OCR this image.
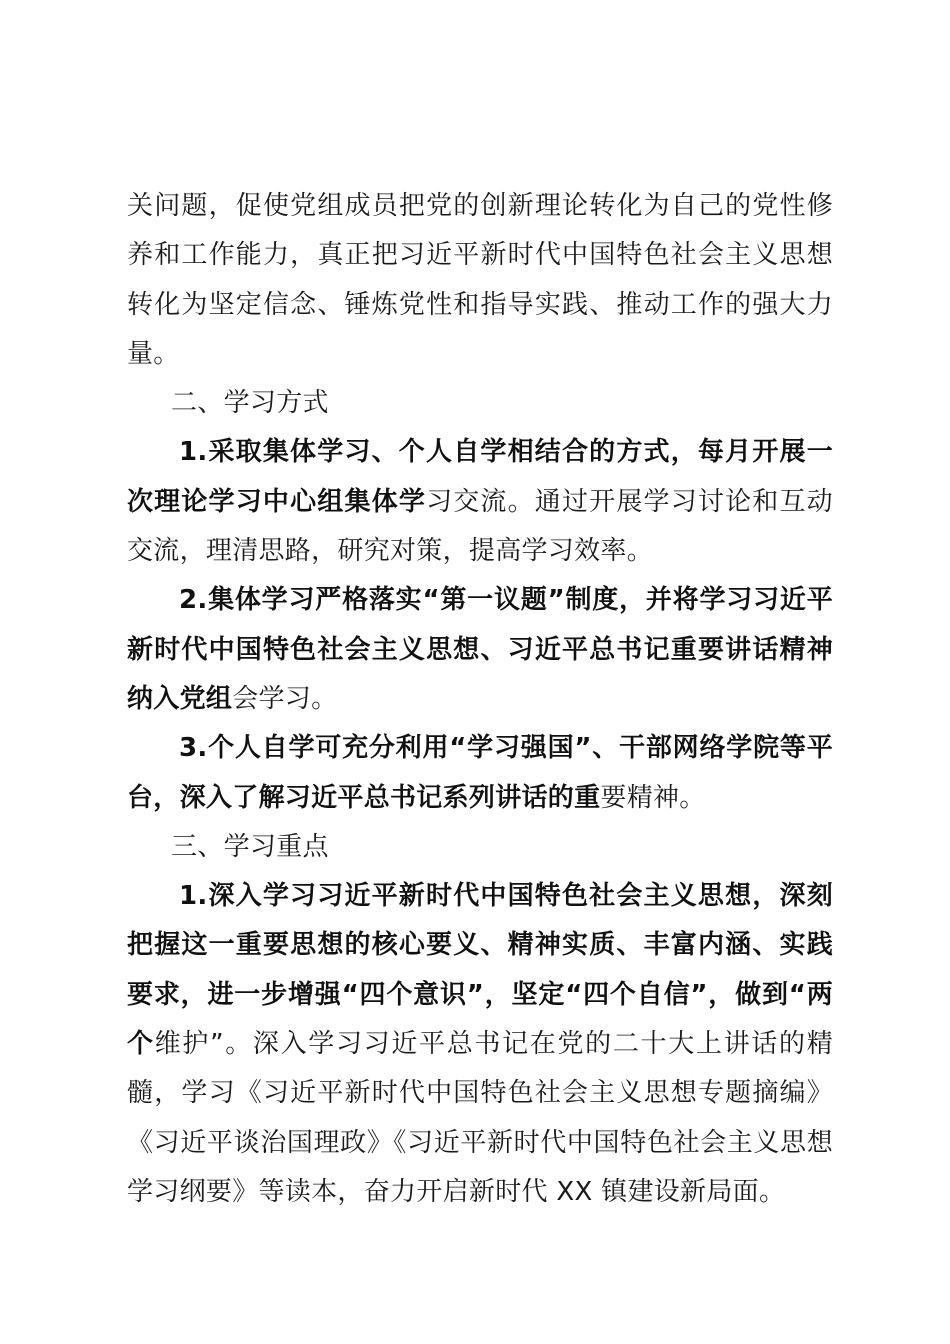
关问题，促使党组成员把党的创新理论转化为自己的党性修养和工作能力，真正把习近平新时代中国特色社会主义思想转化为坚定信念、锤炼党性和指导实践、推动工作的强大力量。

二、学习方式

1.采取集体学习、个人自学相结合的方式，每月开展一次理论学习中心组集体学习交流。通过开展学习讨论和互动交流，理清思路，研究对策，提高学习效率。

2.集体学习严格落实“第一议题”制度，并将学习习近平新时代中国特色社会主义思想、习近平总书记重要讲话精神纳入党组会学习。

3.个人自学可充分利用“学习强国”、干部网络学院等平台，深入了解习近平总书记系列讲话的重要精神。

三、学习重点

1.深入学习习近平新时代中国特色社会主义思想，深刻把握这一重要思想的核心要义、精神实质、丰富内涵、实践要求，进一步增强“四个意识”，坚定“四个自信”，做到“两个维护”。深入学习习近平总书记在党的二十大上讲话的精髓，学习《习近平新时代中国特色社会主义思想专题摘编》《习近平谈治国理政》《习近平新时代中国特色社会主义思想学习纲要》等读本，奋力开启新时代 XX 镇建设新局面。
